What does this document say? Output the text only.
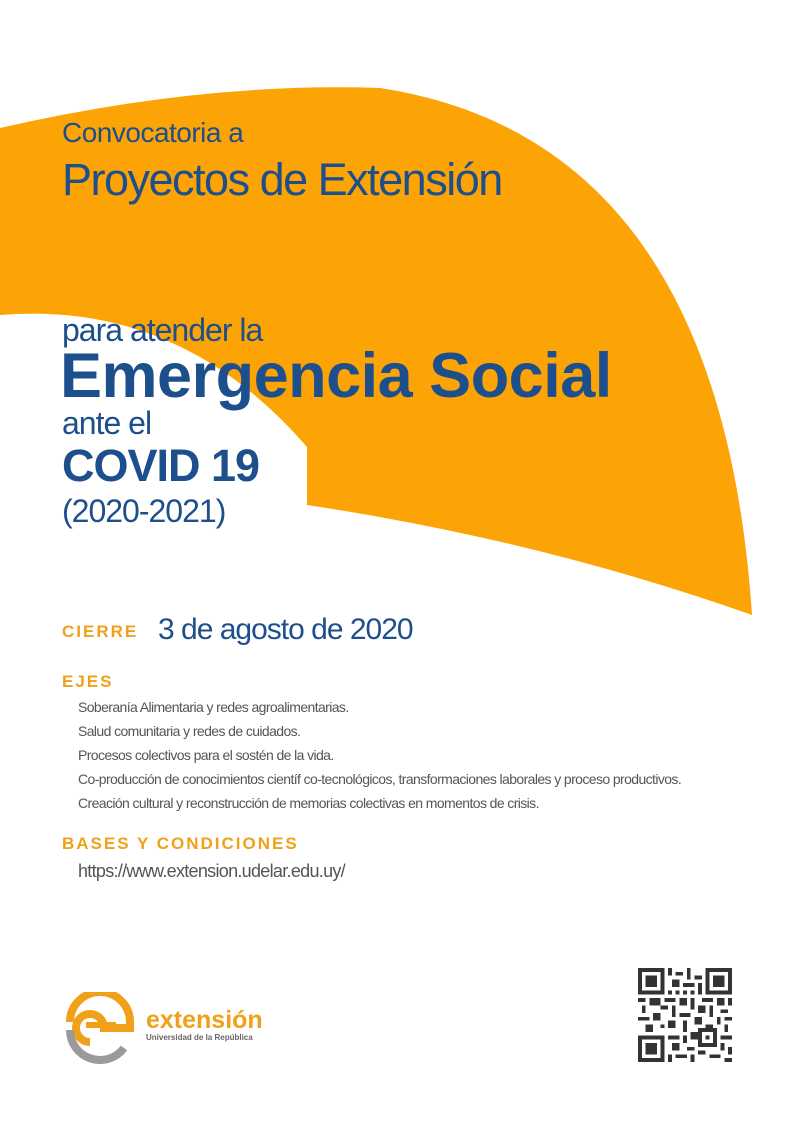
Convocatoria a
Proyectos de Extensión
para atender la
Emergencia Social
ante el
COVID 19
(2020-2021)
CIERRE 3 de agosto de 2020
EJES
Soberanía Alimentaria y redes agroalimentarias.
Salud comunitaria y redes de cuidados.
Procesos colectivos para el sostén de la vida.
Co-producción de conocimientos científ co-tecnológicos, transformaciones laborales y proceso productivos.
Creación cultural y reconstrucción de memorias colectivas en momentos de crisis.
BASES Y CONDICIONES
https://www.extension.udelar.edu.uy/
extensión
Universidad de la República
